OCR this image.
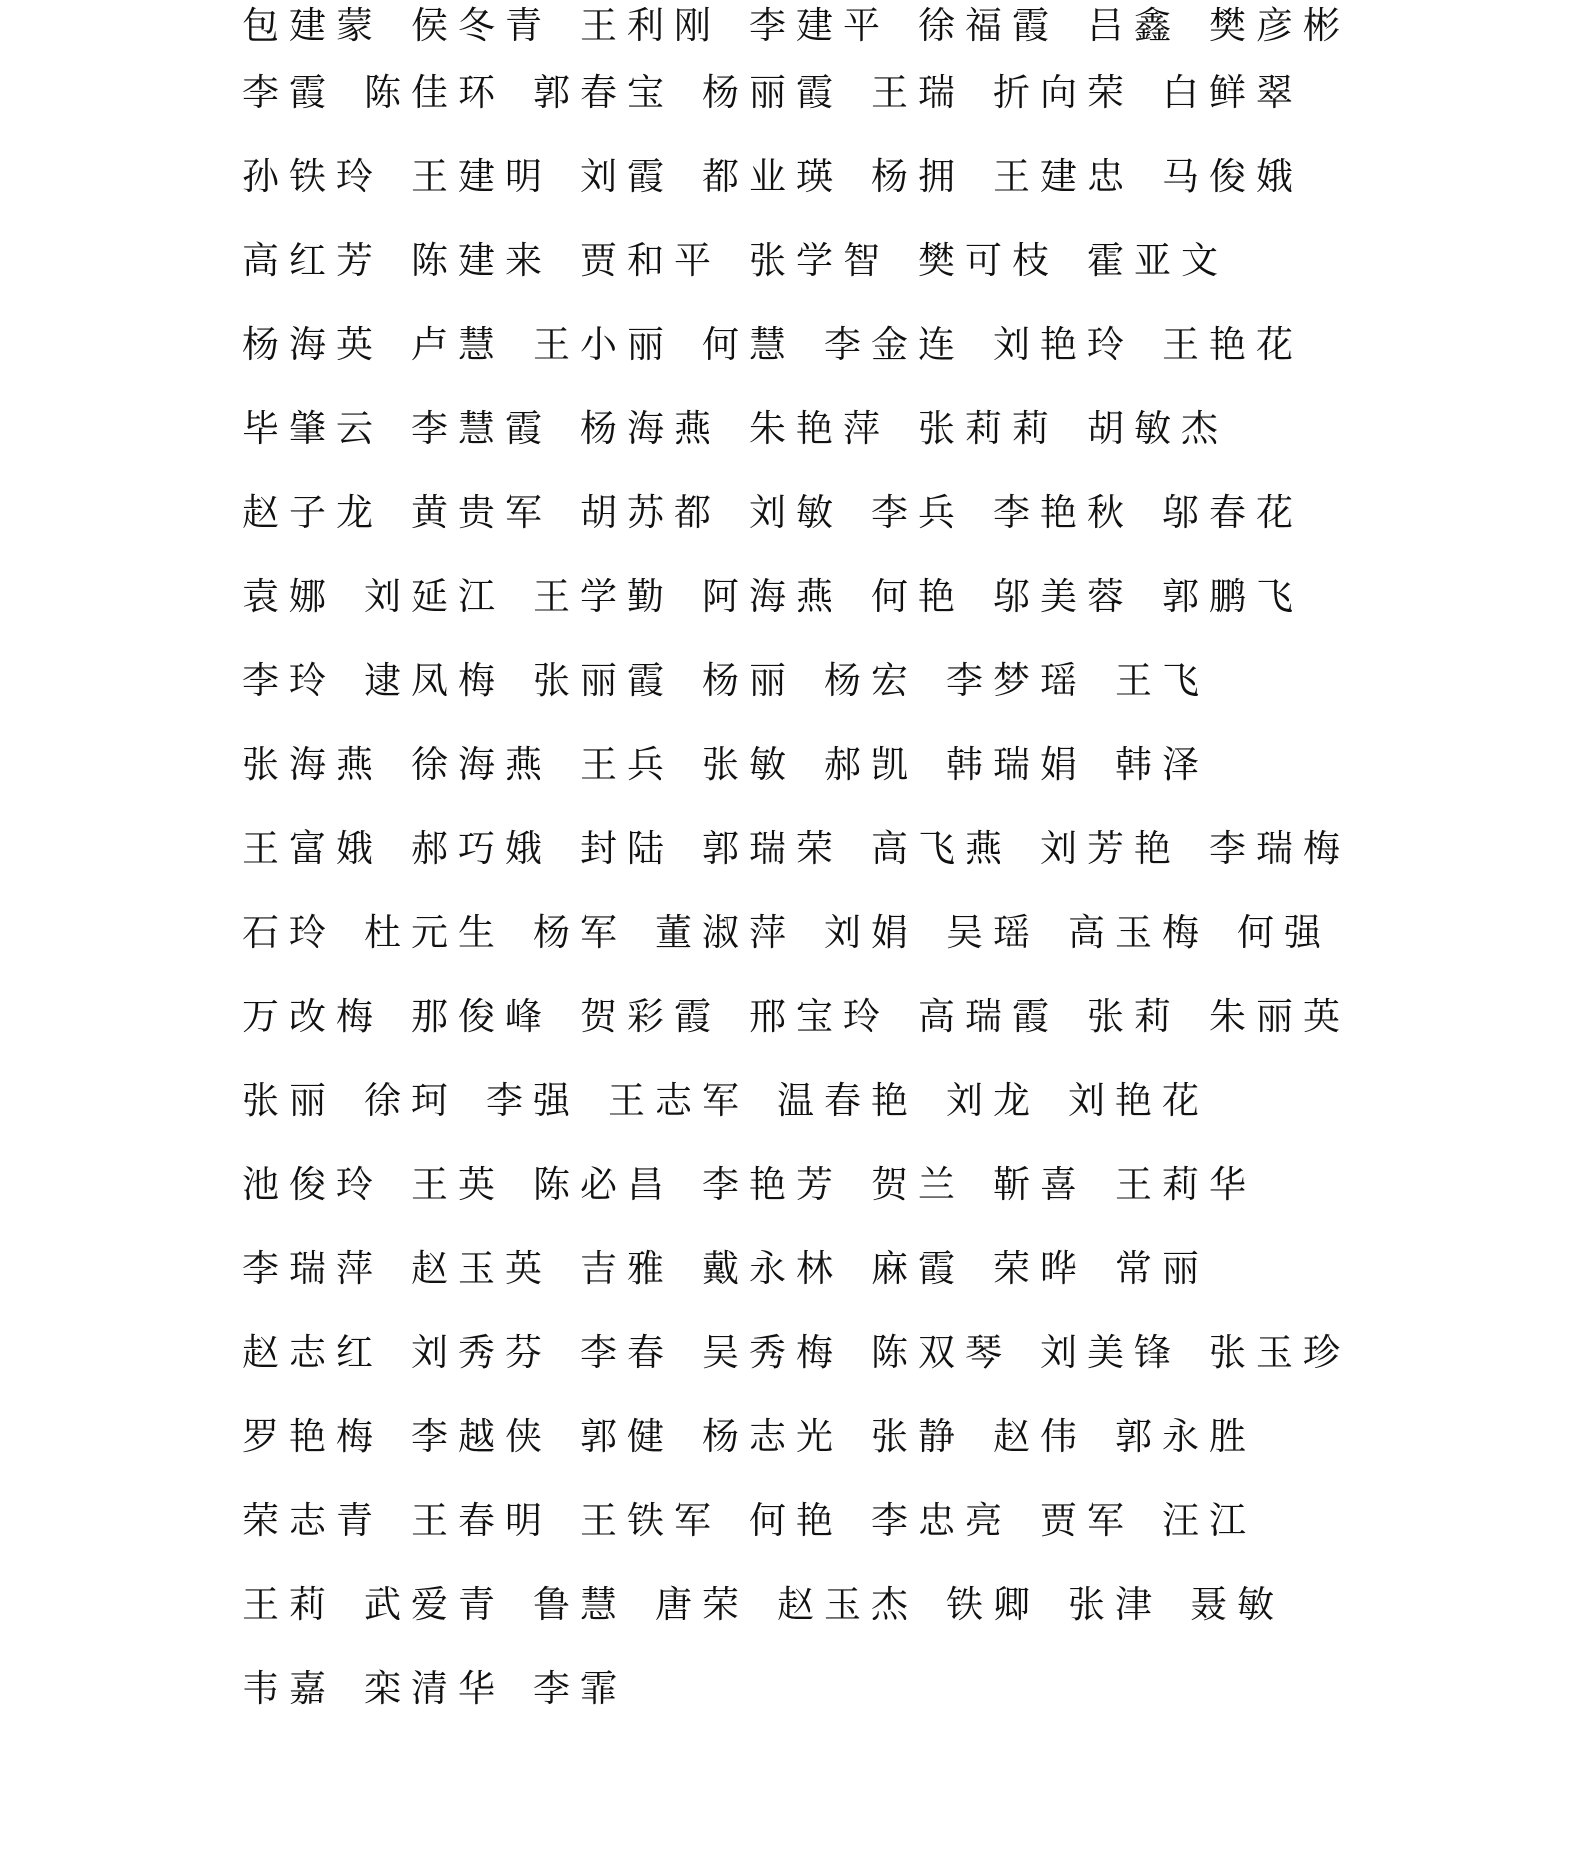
包建蒙 侯冬青 王利刚 李建平 徐福霞 吕鑫 樊彦彬
李霞 陈佳环 郭春宝 杨丽霞 王瑞 折向荣 白鲜翠
孙铁玲 王建明 刘霞 都业瑛 杨拥 王建忠 马俊娥
高红芳 陈建来 贾和平 张学智 樊可枝 霍亚文
杨海英 卢慧 王小丽 何慧 李金连 刘艳玲 王艳花
毕肇云 李慧霞 杨海燕 朱艳萍 张莉莉 胡敏杰
赵子龙 黄贵军 胡苏都 刘敏 李兵 李艳秋 邬春花
袁娜 刘延江 王学勤 阿海燕 何艳 邬美蓉 郭鹏飞
李玲 逮凤梅 张丽霞 杨丽 杨宏 李梦瑶 王飞
张海燕 徐海燕 王兵 张敏 郝凯 韩瑞娟 韩泽
王富娥 郝巧娥 封陆 郭瑞荣 高飞燕 刘芳艳 李瑞梅
石玲 杜元生 杨军 董淑萍 刘娟 吴瑶 高玉梅 何强
万改梅 那俊峰 贺彩霞 邢宝玲 高瑞霞 张莉 朱丽英
张丽 徐珂 李强 王志军 温春艳 刘龙 刘艳花
池俊玲 王英 陈必昌 李艳芳 贺兰 靳喜 王莉华
李瑞萍 赵玉英 吉雅 戴永林 麻霞 荣晔 常丽
赵志红 刘秀芬 李春 吴秀梅 陈双琴 刘美锋 张玉珍
罗艳梅 李越侠 郭健 杨志光 张静 赵伟 郭永胜
荣志青 王春明 王铁军 何艳 李忠亮 贾军 汪江
王莉 武爱青 鲁慧 唐荣 赵玉杰 铁卿 张津 聂敏
韦嘉 栾清华 李霏
